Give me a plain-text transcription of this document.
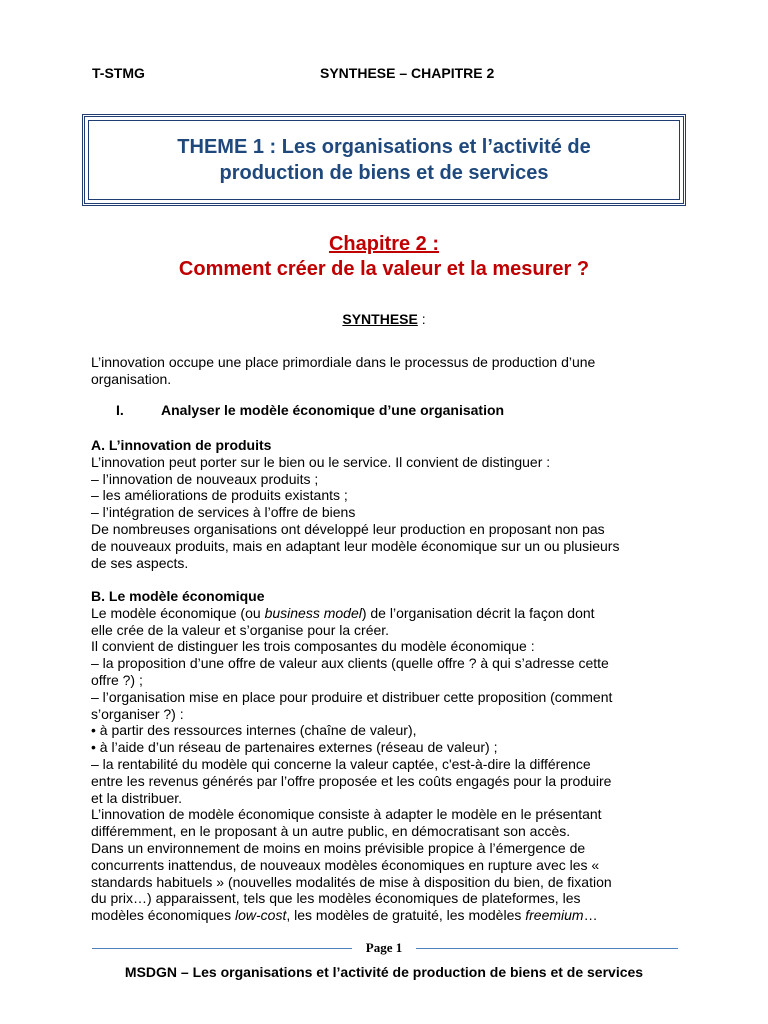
T-STMG	SYNTHESE – CHAPITRE 2
THEME 1 : Les organisations et l’activité de production de biens et de services
Chapitre 2 :
Comment créer de la valeur et la mesurer ?
SYNTHESE :
L’innovation occupe une place primordiale dans le processus de production d’une
organisation.
I.	Analyser le modèle économique d’une organisation
A. L’innovation de produits
L’innovation peut porter sur le bien ou le service. Il convient de distinguer :
– l’innovation de nouveaux produits ;
– les améliorations de produits existants ;
– l’intégration de services à l’offre de biens
De nombreuses organisations ont développé leur production en proposant non pas
de nouveaux produits, mais en adaptant leur modèle économique sur un ou plusieurs
de ses aspects.
B. Le modèle économique
Le modèle économique (ou business model) de l’organisation décrit la façon dont
elle crée de la valeur et s’organise pour la créer.
Il convient de distinguer les trois composantes du modèle économique :
– la proposition d’une offre de valeur aux clients (quelle offre ? à qui s’adresse cette
offre ?) ;
– l’organisation mise en place pour produire et distribuer cette proposition (comment
s’organiser ?) :
• à partir des ressources internes (chaîne de valeur),
• à l’aide d’un réseau de partenaires externes (réseau de valeur) ;
– la rentabilité du modèle qui concerne la valeur captée, c'est-à-dire la différence
entre les revenus générés par l’offre proposée et les coûts engagés pour la produire
et la distribuer.
L’innovation de modèle économique consiste à adapter le modèle en le présentant
différemment, en le proposant à un autre public, en démocratisant son accès.
Dans un environnement de moins en moins prévisible propice à l’émergence de
concurrents inattendus, de nouveaux modèles économiques en rupture avec les «
standards habituels » (nouvelles modalités de mise à disposition du bien, de fixation
du prix…) apparaissent, tels que les modèles économiques de plateformes, les
modèles économiques low-cost, les modèles de gratuité, les modèles freemium…
Page 1
MSDGN – Les organisations et l’activité de production de biens et de services
